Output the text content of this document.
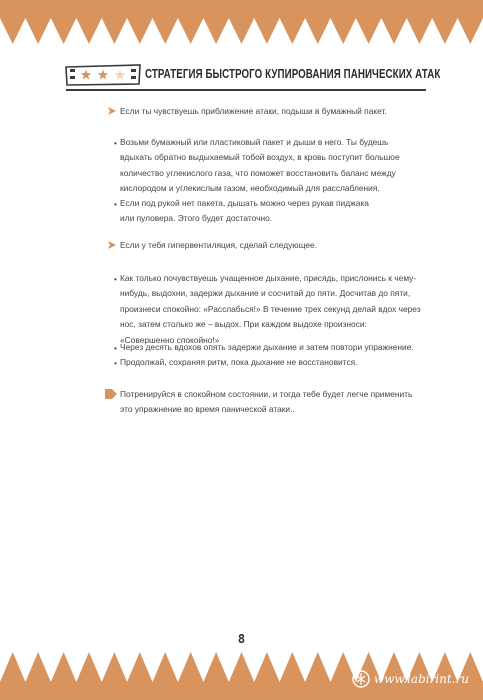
СТРАТЕГИЯ БЫСТРОГО КУПИРОВАНИЯ ПАНИЧЕСКИХ АТАК
Если ты чувствуешь приближение атаки, подыши в бумажный пакет.
• Возьми бумажный или пластиковый пакет и дыши в него. Ты будешь вдыхать обратно выдыхаемый тобой воздух, в кровь поступит большое количество углекислого газа, что поможет восстановить баланс между кислородом и углекислым газом, необходимый для расслабления.
• Если под рукой нет пакета, дышать можно через рукав пиджака или пуловера. Этого будет достаточно.
Если у тебя гипервентиляция, сделай следующее.
• Как только почувствуешь учащенное дыхание, присядь, прислонись к чему-нибудь, выдохни, задержи дыхание и сосчитай до пяти. Досчитав до пяти, произнеси спокойно: «Расслабься!» В течение трех секунд делай вдох через нос, затем столько же – выдох. При каждом выдохе произноси: «Совершенно спокойно!»
• Через десять вдохов опять задержи дыхание и затем повтори упражнение.
• Продолжай, сохраняя ритм, пока дыхание не восстановится.
Потренируйся в спокойном состоянии, и тогда тебе будет легче применить это упражнение во время панической атаки..
8
www.labirint.ru
